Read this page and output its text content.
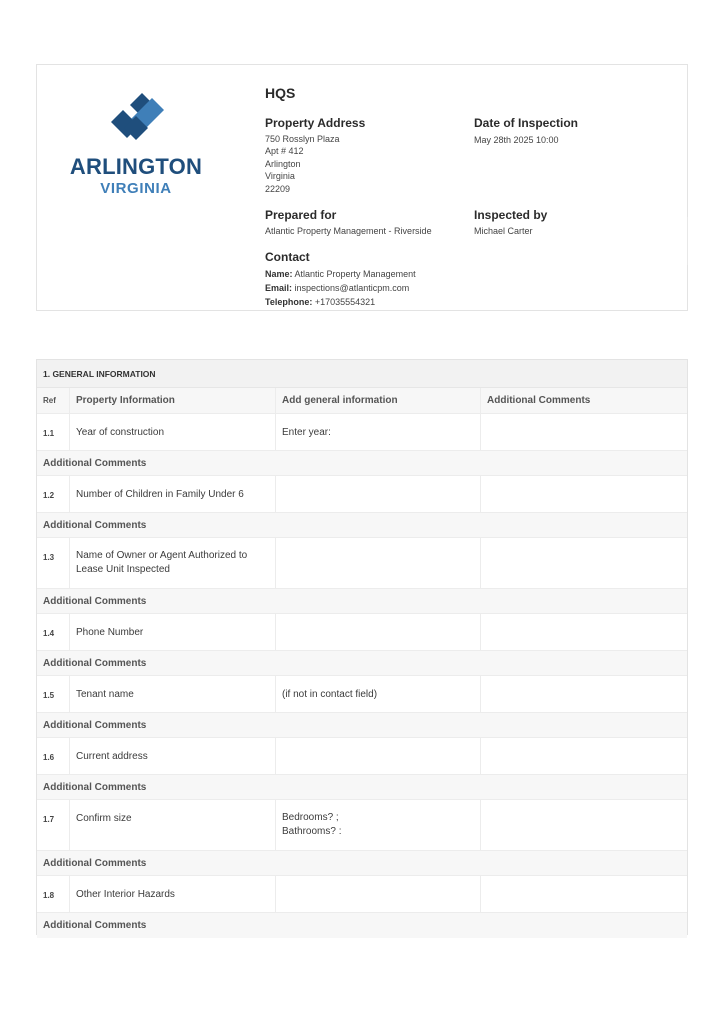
ARLINGTON
VIRGINIA
HQS
Property Address
750 Rosslyn Plaza
Apt # 412
Arlington
Virginia
22209
Date of Inspection
May 28th 2025 10:00
Prepared for
Atlantic Property Management - Riverside
Inspected by
Michael Carter
Contact
Name: Atlantic Property Management
Email: inspections@atlanticpm.com
Telephone: +17035554321
1. GENERAL INFORMATION
Ref	Property Information	Add general information	Additional Comments
1.1	Year of construction	Enter year:
Additional Comments
1.2	Number of Children in Family Under 6
Additional Comments
1.3	Name of Owner or Agent Authorized to Lease Unit Inspected
Additional Comments
1.4	Phone Number
Additional Comments
1.5	Tenant name	(if not in contact field)
Additional Comments
1.6	Current address
Additional Comments
1.7	Confirm size	Bedrooms? ;
Bathrooms? :
Additional Comments
1.8	Other Interior Hazards
Additional Comments
